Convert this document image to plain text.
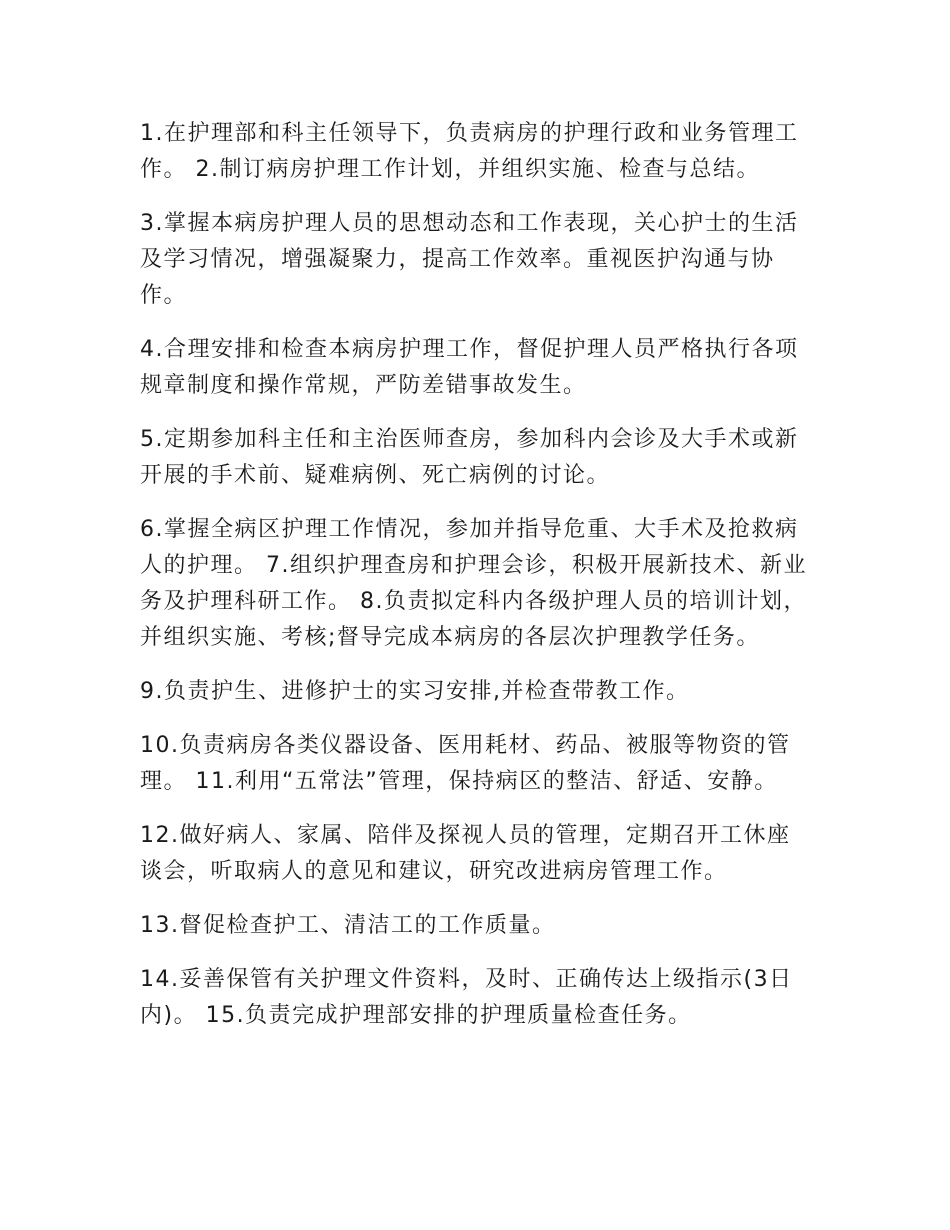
1.在护理部和科主任领导下，负责病房的护理行政和业务管理工作。 2.制订病房护理工作计划，并组织实施、检查与总结。

3.掌握本病房护理人员的思想动态和工作表现，关心护士的生活及学习情况，增强凝聚力，提高工作效率。重视医护沟通与协作。

4.合理安排和检查本病房护理工作，督促护理人员严格执行各项规章制度和操作常规，严防差错事故发生。

5.定期参加科主任和主治医师查房，参加科内会诊及大手术或新开展的手术前、疑难病例、死亡病例的讨论。

6.掌握全病区护理工作情况，参加并指导危重、大手术及抢救病人的护理。 7.组织护理查房和护理会诊，积极开展新技术、新业务及护理科研工作。 8.负责拟定科内各级护理人员的培训计划，并组织实施、考核;督导完成本病房的各层次护理教学任务。

9.负责护生、进修护士的实习安排,并检查带教工作。

10.负责病房各类仪器设备、医用耗材、药品、被服等物资的管理。 11.利用“五常法”管理，保持病区的整洁、舒适、安静。

12.做好病人、家属、陪伴及探视人员的管理，定期召开工休座谈会，听取病人的意见和建议，研究改进病房管理工作。

13.督促检查护工、清洁工的工作质量。

14.妥善保管有关护理文件资料，及时、正确传达上级指示(3日内)。 15.负责完成护理部安排的护理质量检查任务。
